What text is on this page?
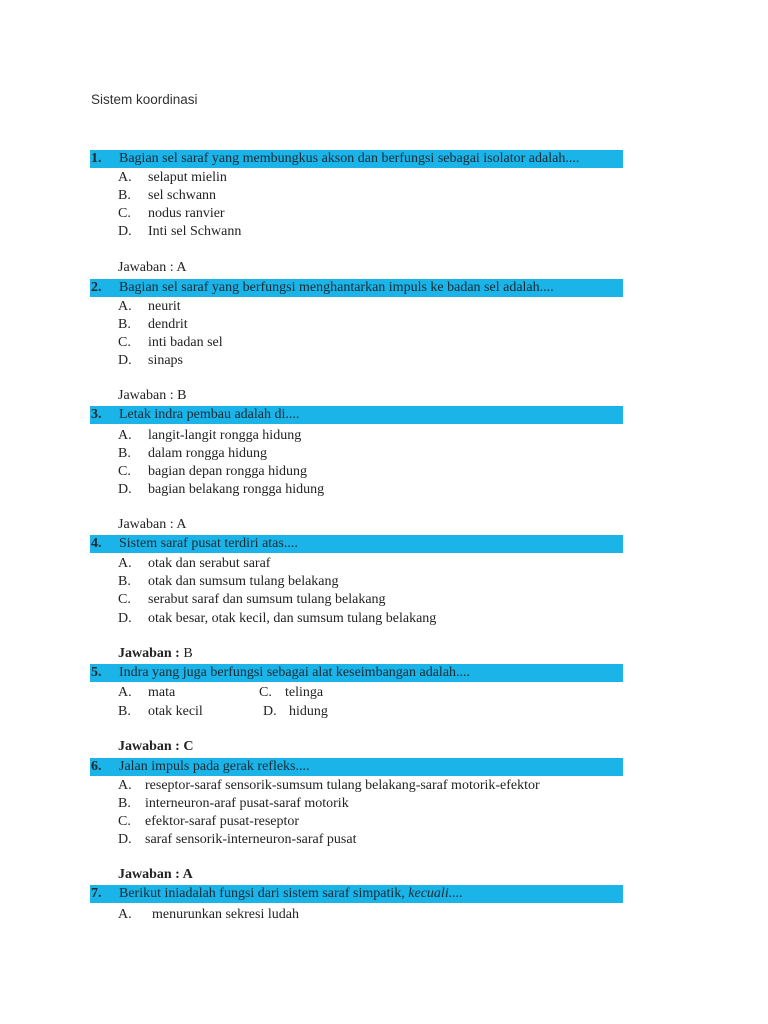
Sistem koordinasi
1. Bagian sel saraf yang membungkus akson dan berfungsi sebagai isolator adalah....
A. selaput mielin
B. sel schwann
C. nodus ranvier
D. Inti sel Schwann
Jawaban : A
2. Bagian sel saraf yang berfungsi menghantarkan impuls ke badan sel adalah....
A. neurit
B. dendrit
C. inti badan sel
D. sinaps
Jawaban : B
3. Letak indra pembau adalah di....
A. langit-langit rongga hidung
B. dalam rongga hidung
C. bagian depan rongga hidung
D. bagian belakang rongga hidung
Jawaban : A
4. Sistem saraf pusat terdiri atas....
A. otak dan serabut saraf
B. otak dan sumsum tulang belakang
C. serabut saraf dan sumsum tulang belakang
D. otak besar, otak kecil, dan sumsum tulang belakang
Jawaban : B
5. Indra yang juga berfungsi sebagai alat keseimbangan adalah....
A. mata
B. otak kecil
C. telinga
D. hidung
Jawaban : C
6. Jalan impuls pada gerak refleks....
A. reseptor-saraf sensorik-sumsum tulang belakang-saraf motorik-efektor
B. interneuron-araf pusat-saraf motorik
C. efektor-saraf pusat-reseptor
D. saraf sensorik-interneuron-saraf pusat
Jawaban : A
7. Berikut iniadalah fungsi dari sistem saraf simpatik, kecuali....
A. menurunkan sekresi ludah
